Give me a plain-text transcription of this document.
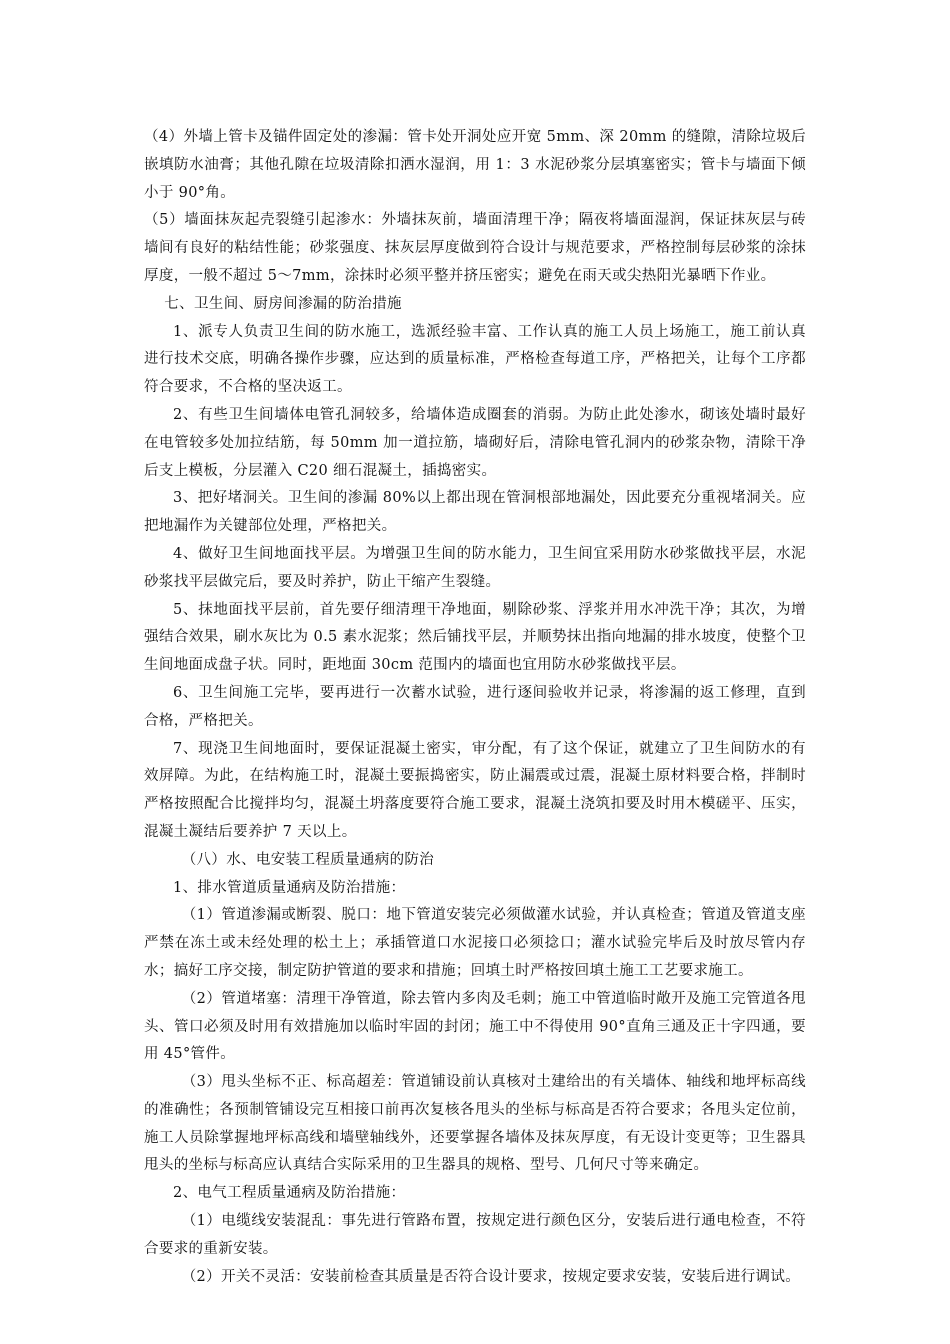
（4）外墙上管卡及锚件固定处的渗漏：管卡处开洞处应开宽 5mm、深 20mm 的缝隙，清除垃圾后嵌填防水油膏；其他孔隙在垃圾清除扣洒水湿润，用 1：3 水泥砂浆分层填塞密实；管卡与墙面下倾小于 90°角。

（5）墙面抹灰起壳裂缝引起渗水：外墙抹灰前，墙面清理干净；隔夜将墙面湿润，保证抹灰层与砖墙间有良好的粘结性能；砂浆强度、抹灰层厚度做到符合设计与规范要求，严格控制每层砂浆的涂抹厚度，一般不超过 5～7mm，涂抹时必须平整并挤压密实；避免在雨天或尖热阳光暴晒下作业。

七、卫生间、厨房间渗漏的防治措施

1、派专人负责卫生间的防水施工，选派经验丰富、工作认真的施工人员上场施工，施工前认真进行技术交底，明确各操作步骤，应达到的质量标准，严格检查每道工序，严格把关，让每个工序都符合要求，不合格的坚决返工。

2、有些卫生间墙体电管孔洞较多，给墙体造成圈套的消弱。为防止此处渗水，砌该处墙时最好在电管较多处加拉结筋，每 50mm 加一道拉筋，墙砌好后，清除电管孔洞内的砂浆杂物，清除干净后支上模板，分层灌入 C20 细石混凝土，插捣密实。

3、把好堵洞关。卫生间的渗漏 80%以上都出现在管洞根部地漏处，因此要充分重视堵洞关。应把地漏作为关键部位处理，严格把关。

4、做好卫生间地面找平层。为增强卫生间的防水能力，卫生间宜采用防水砂浆做找平层，水泥砂浆找平层做完后，要及时养护，防止干缩产生裂缝。

5、抹地面找平层前，首先要仔细清理干净地面，剔除砂浆、浮浆并用水冲洗干净；其次，为增强结合效果，刷水灰比为 0.5 素水泥浆；然后铺找平层，并顺势抹出指向地漏的排水坡度，使整个卫生间地面成盘子状。同时，距地面 30cm 范围内的墙面也宜用防水砂浆做找平层。

6、卫生间施工完毕，要再进行一次蓄水试验，进行逐间验收并记录，将渗漏的返工修理，直到合格，严格把关。

7、现浇卫生间地面时，要保证混凝土密实，审分配，有了这个保证，就建立了卫生间防水的有效屏障。为此，在结构施工时，混凝土要振捣密实，防止漏震或过震，混凝土原材料要合格，拌制时严格按照配合比搅拌均匀，混凝土坍落度要符合施工要求，混凝土浇筑扣要及时用木模磋平、压实，混凝土凝结后要养护 7 天以上。

（八）水、电安装工程质量通病的防治

1、排水管道质量通病及防治措施：

（1）管道渗漏或断裂、脱口：地下管道安装完必须做灌水试验，并认真检查；管道及管道支座严禁在冻土或未经处理的松土上；承插管道口水泥接口必须捻口；灌水试验完毕后及时放尽管内存水；搞好工序交接，制定防护管道的要求和措施；回填土时严格按回填土施工工艺要求施工。

（2）管道堵塞：清理干净管道，除去管内多肉及毛刺；施工中管道临时敞开及施工完管道各甩头、管口必须及时用有效措施加以临时牢固的封闭；施工中不得使用 90°直角三通及正十字四通，要用 45°管件。

（3）甩头坐标不正、标高超差：管道铺设前认真核对土建给出的有关墙体、轴线和地坪标高线的准确性；各预制管铺设完互相接口前再次复核各甩头的坐标与标高是否符合要求；各甩头定位前，施工人员除掌握地坪标高线和墙壁轴线外，还要掌握各墙体及抹灰厚度，有无设计变更等；卫生器具甩头的坐标与标高应认真结合实际采用的卫生器具的规格、型号、几何尺寸等来确定。

2、电气工程质量通病及防治措施：

（1）电缆线安装混乱：事先进行管路布置，按规定进行颜色区分，安装后进行通电检查，不符合要求的重新安装。

（2）开关不灵活：安装前检查其质量是否符合设计要求，按规定要求安装，安装后进行调试。
